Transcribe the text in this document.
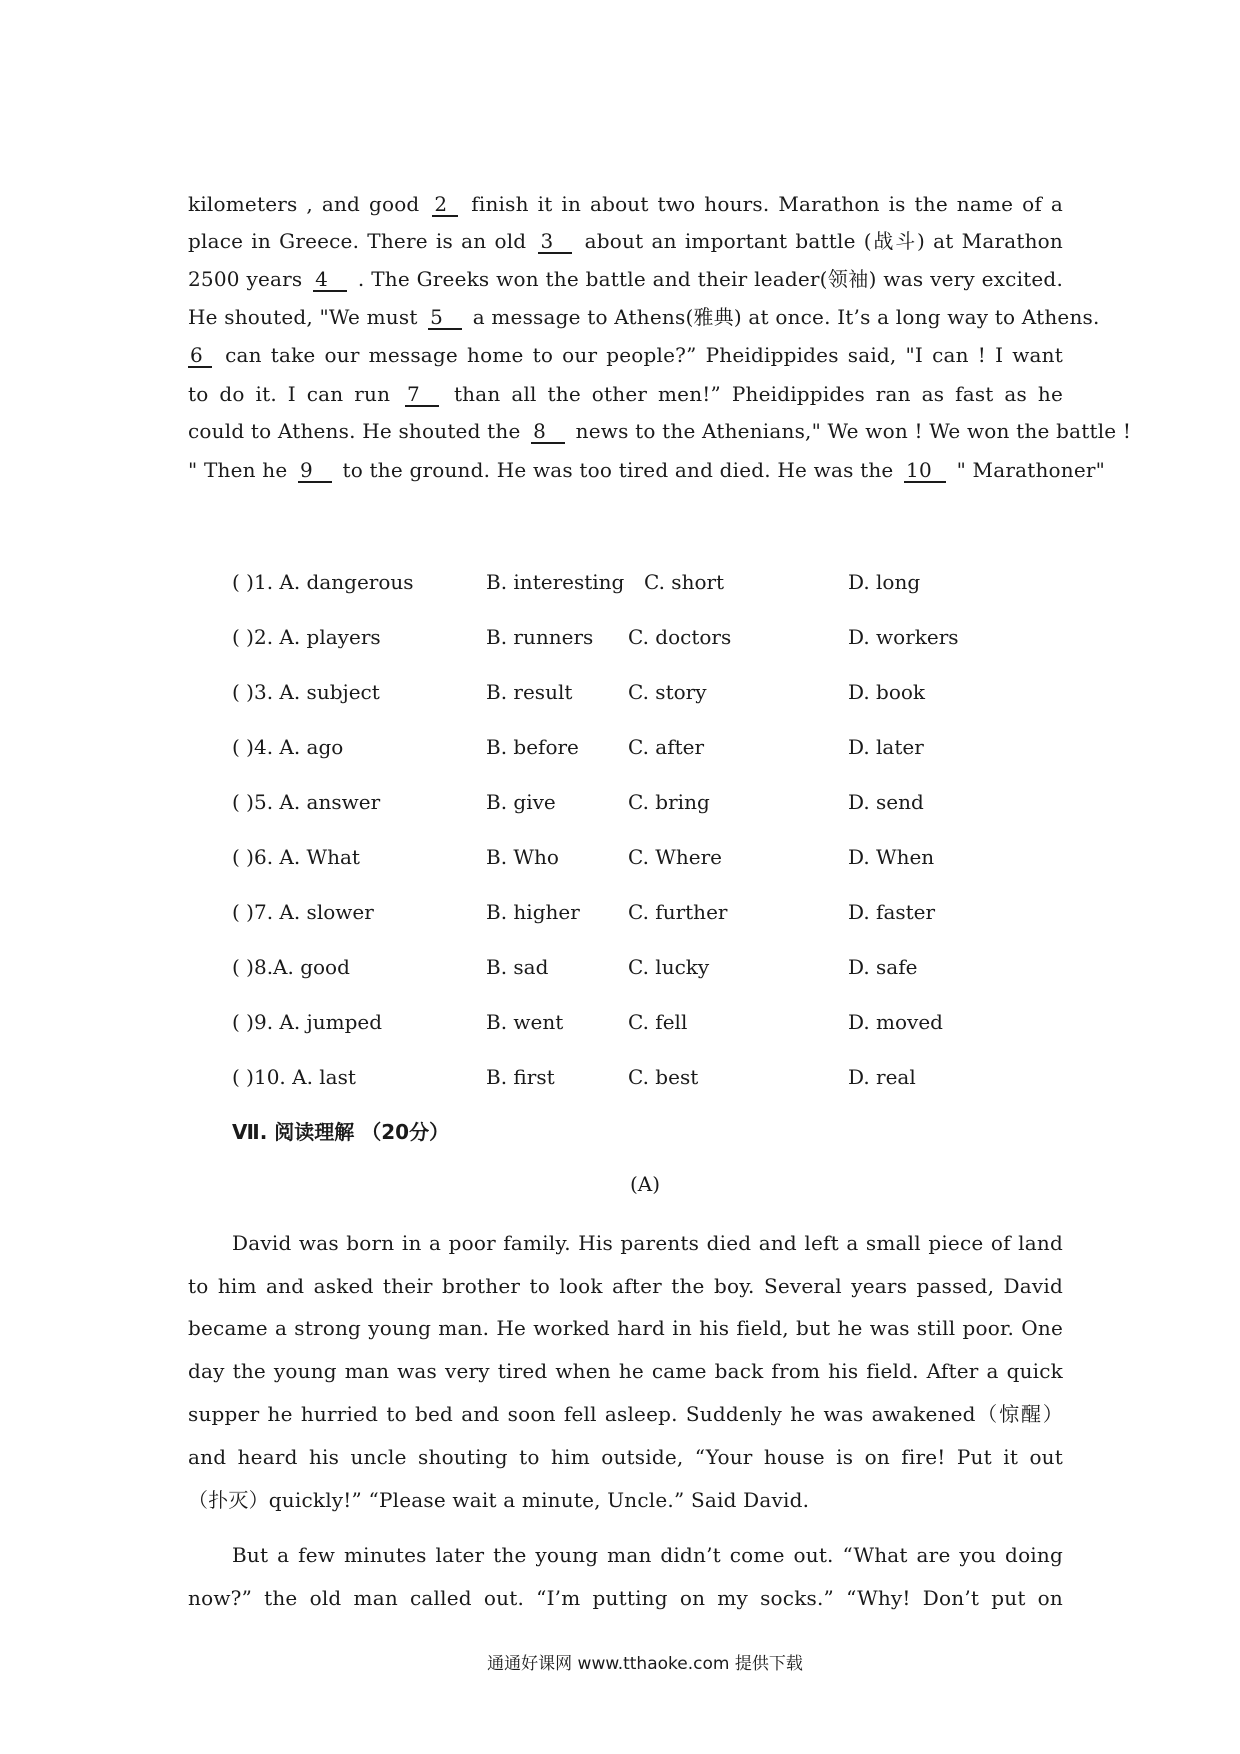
kilometers , and good 2 finish it in about two hours. Marathon is the name of a
place in Greece. There is an old 3 about an important battle (战斗) at Marathon
2500 years 4 . The Greeks won the battle and their leader(领袖) was very excited.
He shouted, "We must 5 a message to Athens(雅典) at once. It’s a long way to Athens.
6 can take our message home to our people?” Pheidippides said, "I can ! I want
to do it. I can run 7 than all the other men!” Pheidippides ran as fast as he
could to Athens. He shouted the 8 news to the Athenians," We won ! We won the battle !
" Then he 9 to the ground. He was too tired and died. He was the 10 " Marathoner"
( )1. A. dangerous	B. interesting C. short	D. long
( )2. A. players	B. runners C. doctors	D. workers
( )3. A. subject	B. result	C. story	D. book
( )4. A. ago	B. before C. after	D. later
( )5. A. answer	B. give	C. bring	D. send
( )6. A. What	B. Who	C. Where	D. When
( )7. A. slower	B. higher C. further	D. faster
( )8.A. good	B. sad	C. lucky	D. safe
( )9. A. jumped	B. went	C. fell	D. moved
( )10. A. last	B. first	C. best	D. real
Ⅶ. 阅读理解 （20分）
(A)
David was born in a poor family. His parents died and left a small piece of land
to him and asked their brother to look after the boy. Several years passed, David
became a strong young man. He worked hard in his field, but he was still poor. One
day the young man was very tired when he came back from his field. After a quick
supper he hurried to bed and soon fell asleep. Suddenly he was awakened（惊醒）
and heard his uncle shouting to him outside, “Your house is on fire! Put it out
（扑灭）quickly!” “Please wait a minute, Uncle.” Said David.
But a few minutes later the young man didn’t come out. “What are you doing
now?” the old man called out. “I’m putting on my socks.” “Why! Don’t put on
通通好课网 www.tthaoke.com 提供下载
